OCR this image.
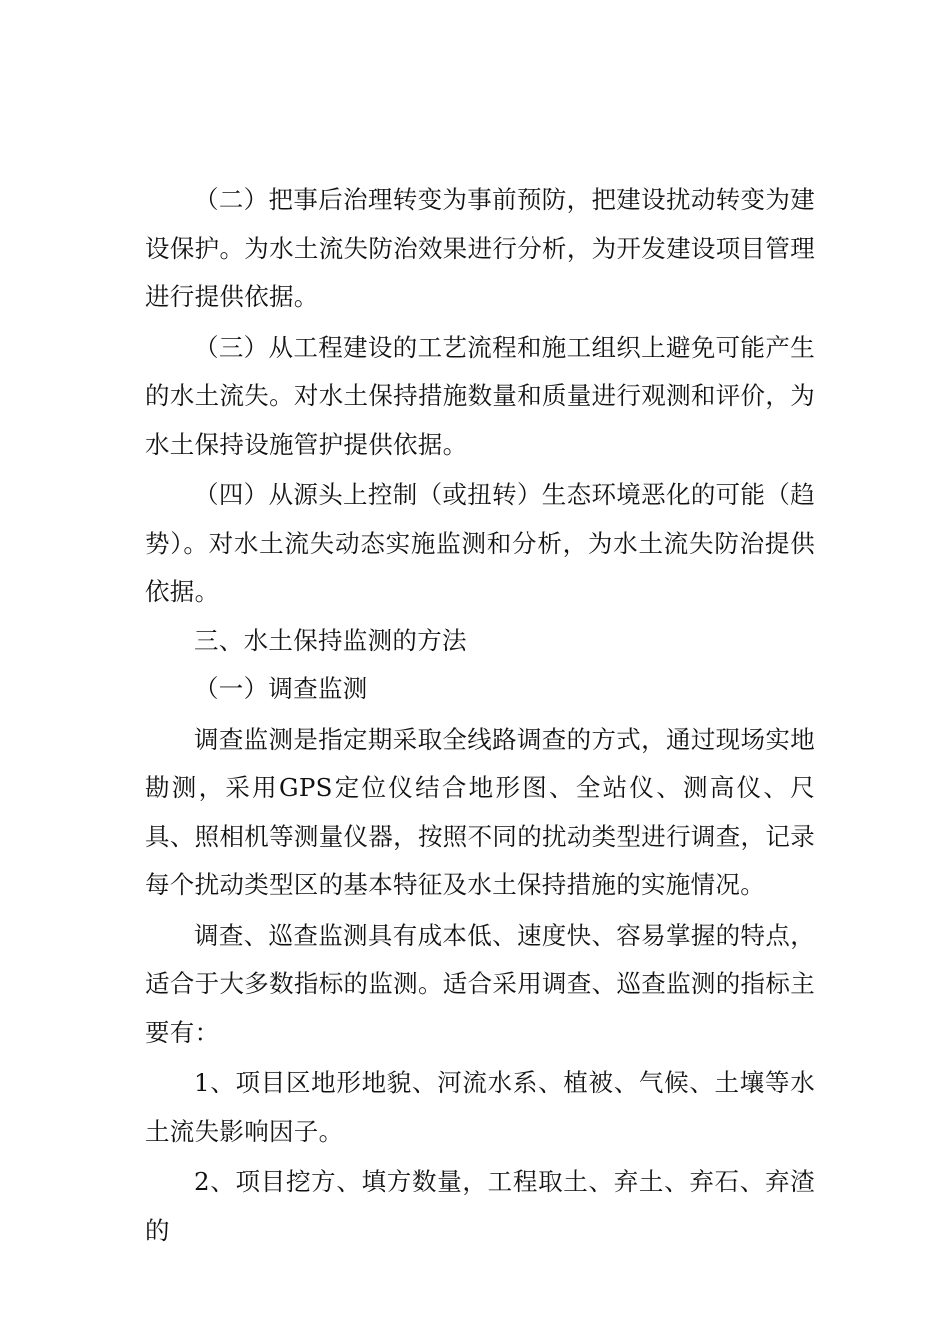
（二）把事后治理转变为事前预防，把建设扰动转变为建设保护。为水土流失防治效果进行分析，为开发建设项目管理进行提供依据。

（三）从工程建设的工艺流程和施工组织上避免可能产生的水土流失。对水土保持措施数量和质量进行观测和评价，为水土保持设施管护提供依据。

（四）从源头上控制（或扭转）生态环境恶化的可能（趋势）。对水土流失动态实施监测和分析，为水土流失防治提供依据。

三、水土保持监测的方法

（一）调查监测

调查监测是指定期采取全线路调查的方式，通过现场实地勘测，采用GPS定位仪结合地形图、全站仪、测高仪、尺具、照相机等测量仪器，按照不同的扰动类型进行调查，记录每个扰动类型区的基本特征及水土保持措施的实施情况。

调查、巡查监测具有成本低、速度快、容易掌握的特点，适合于大多数指标的监测。适合采用调查、巡查监测的指标主要有：

1、项目区地形地貌、河流水系、植被、气候、土壤等水土流失影响因子。

2、项目挖方、填方数量，工程取土、弃土、弃石、弃渣的
